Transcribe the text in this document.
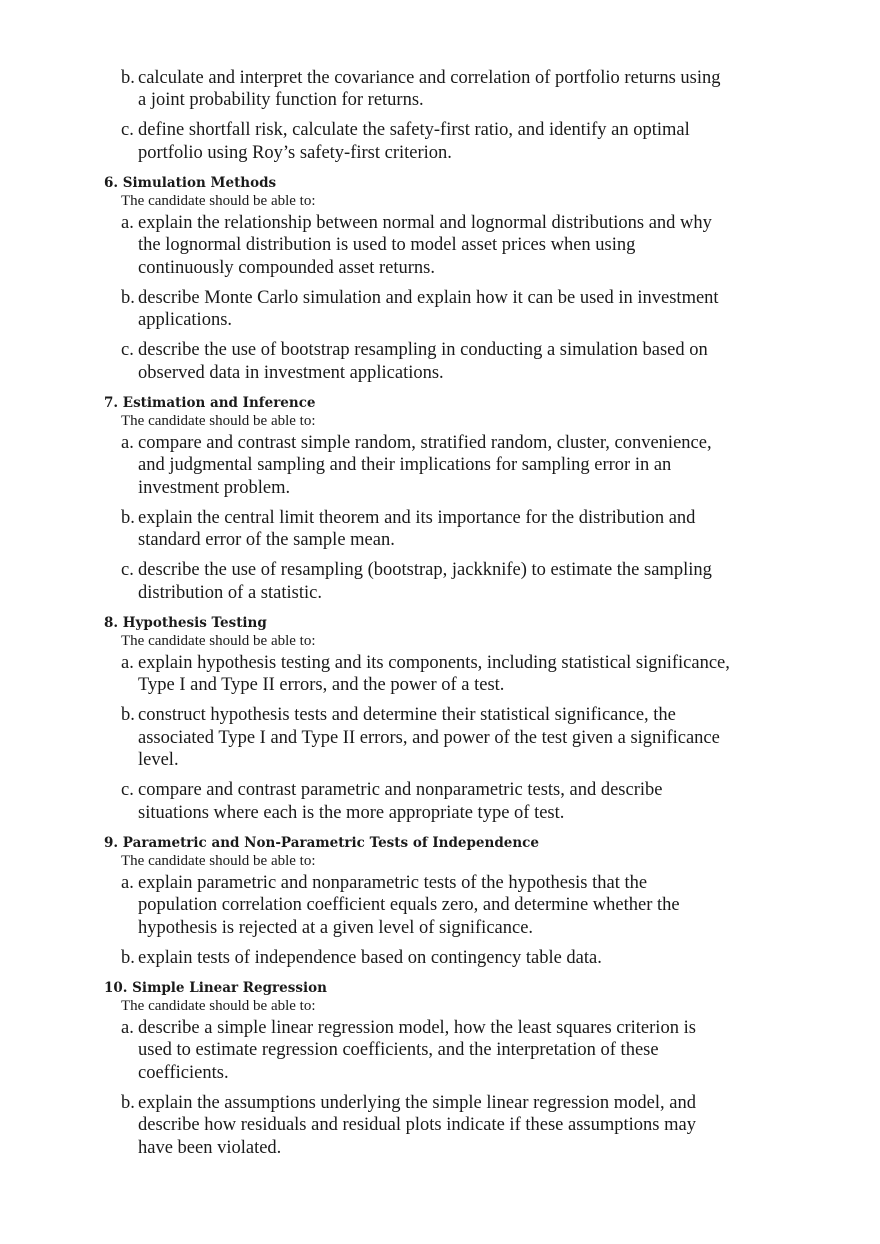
b. calculate and interpret the covariance and correlation of portfolio returns using
a joint probability function for returns.
c. define shortfall risk, calculate the safety-first ratio, and identify an optimal
portfolio using Roy’s safety-first criterion.
6. Simulation Methods
The candidate should be able to:
a. explain the relationship between normal and lognormal distributions and why
the lognormal distribution is used to model asset prices when using
continuously compounded asset returns.
b. describe Monte Carlo simulation and explain how it can be used in investment
applications.
c. describe the use of bootstrap resampling in conducting a simulation based on
observed data in investment applications.
7. Estimation and Inference
The candidate should be able to:
a. compare and contrast simple random, stratified random, cluster, convenience,
and judgmental sampling and their implications for sampling error in an
investment problem.
b. explain the central limit theorem and its importance for the distribution and
standard error of the sample mean.
c. describe the use of resampling (bootstrap, jackknife) to estimate the sampling
distribution of a statistic.
8. Hypothesis Testing
The candidate should be able to:
a. explain hypothesis testing and its components, including statistical significance,
Type I and Type II errors, and the power of a test.
b. construct hypothesis tests and determine their statistical significance, the
associated Type I and Type II errors, and power of the test given a significance
level.
c. compare and contrast parametric and nonparametric tests, and describe
situations where each is the more appropriate type of test.
9. Parametric and Non-Parametric Tests of Independence
The candidate should be able to:
a. explain parametric and nonparametric tests of the hypothesis that the
population correlation coefficient equals zero, and determine whether the
hypothesis is rejected at a given level of significance.
b. explain tests of independence based on contingency table data.
10. Simple Linear Regression
The candidate should be able to:
a. describe a simple linear regression model, how the least squares criterion is
used to estimate regression coefficients, and the interpretation of these
coefficients.
b. explain the assumptions underlying the simple linear regression model, and
describe how residuals and residual plots indicate if these assumptions may
have been violated.
